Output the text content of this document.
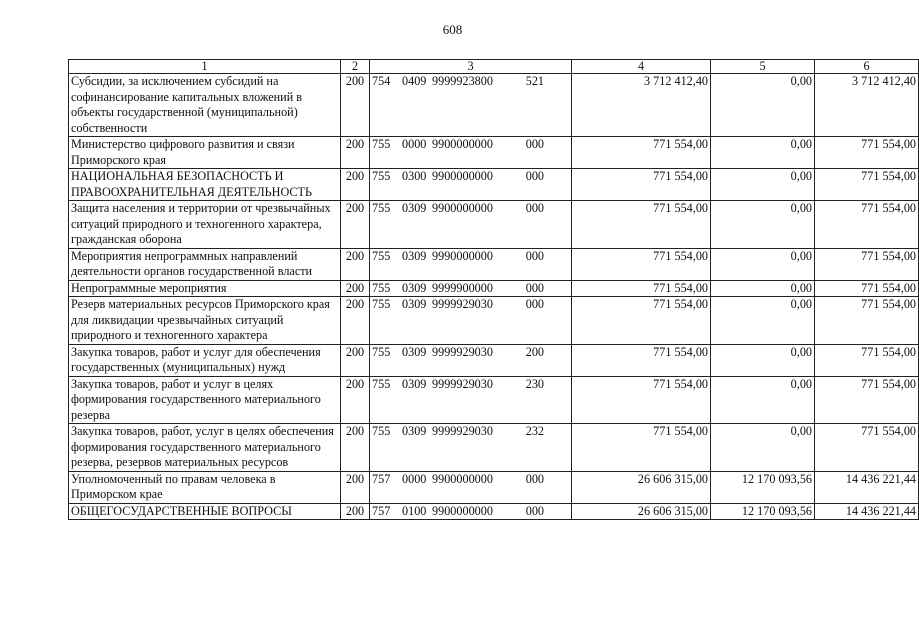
608
1	2	3	4	5	6
Субсидии, за исключением субсидий на софинансирование капитальных вложений в объекты государственной (муниципальной) собственности	200	754 0409 9999923800 521	3 712 412,40	0,00	3 712 412,40
Министерство цифрового развития и связи Приморского края	200	755 0000 9900000000 000	771 554,00	0,00	771 554,00
НАЦИОНАЛЬНАЯ БЕЗОПАСНОСТЬ И ПРАВООХРАНИТЕЛЬНАЯ ДЕЯТЕЛЬНОСТЬ	200	755 0300 9900000000 000	771 554,00	0,00	771 554,00
Защита населения и территории от чрезвычайных ситуаций природного и техногенного характера, гражданская оборона	200	755 0309 9900000000 000	771 554,00	0,00	771 554,00
Мероприятия непрограммных направлений деятельности органов государственной власти	200	755 0309 9990000000 000	771 554,00	0,00	771 554,00
Непрограммные мероприятия	200	755 0309 9999900000 000	771 554,00	0,00	771 554,00
Резерв материальных ресурсов Приморского края для ликвидации чрезвычайных ситуаций природного и техногенного характера	200	755 0309 9999929030 000	771 554,00	0,00	771 554,00
Закупка товаров, работ и услуг для обеспечения государственных (муниципальных) нужд	200	755 0309 9999929030 200	771 554,00	0,00	771 554,00
Закупка товаров, работ и услуг в целях формирования государственного материального резерва	200	755 0309 9999929030 230	771 554,00	0,00	771 554,00
Закупка товаров, работ, услуг в целях обеспечения формирования государственного материального резерва, резервов материальных ресурсов	200	755 0309 9999929030 232	771 554,00	0,00	771 554,00
Уполномоченный по правам человека в Приморском крае	200	757 0000 9900000000 000	26 606 315,00	12 170 093,56	14 436 221,44
ОБЩЕГОСУДАРСТВЕННЫЕ ВОПРОСЫ	200	757 0100 9900000000 000	26 606 315,00	12 170 093,56	14 436 221,44
